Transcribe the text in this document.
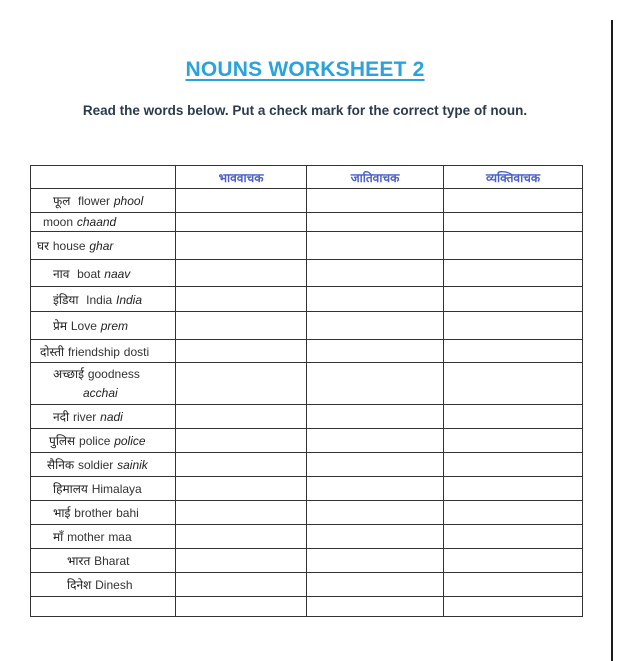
NOUNS WORKSHEET 2
Read the words below. Put a check mark for the correct type of noun.
	भाववाचक	जातिवाचक	व्यक्तिवाचक
फूल flower phool			
moon chaand			
घर house ghar			
नाव boat naav			
इंडिया India India			
प्रेम Love prem			
दोस्ती friendship dosti			
अच्छाई goodness
acchai			
नदी river nadi			
पुलिस police police			
सैनिक soldier sainik			
हिमालय Himalaya			
भाई brother bahi			
माँ mother maa			
भारत Bharat			
दिनेश Dinesh			
